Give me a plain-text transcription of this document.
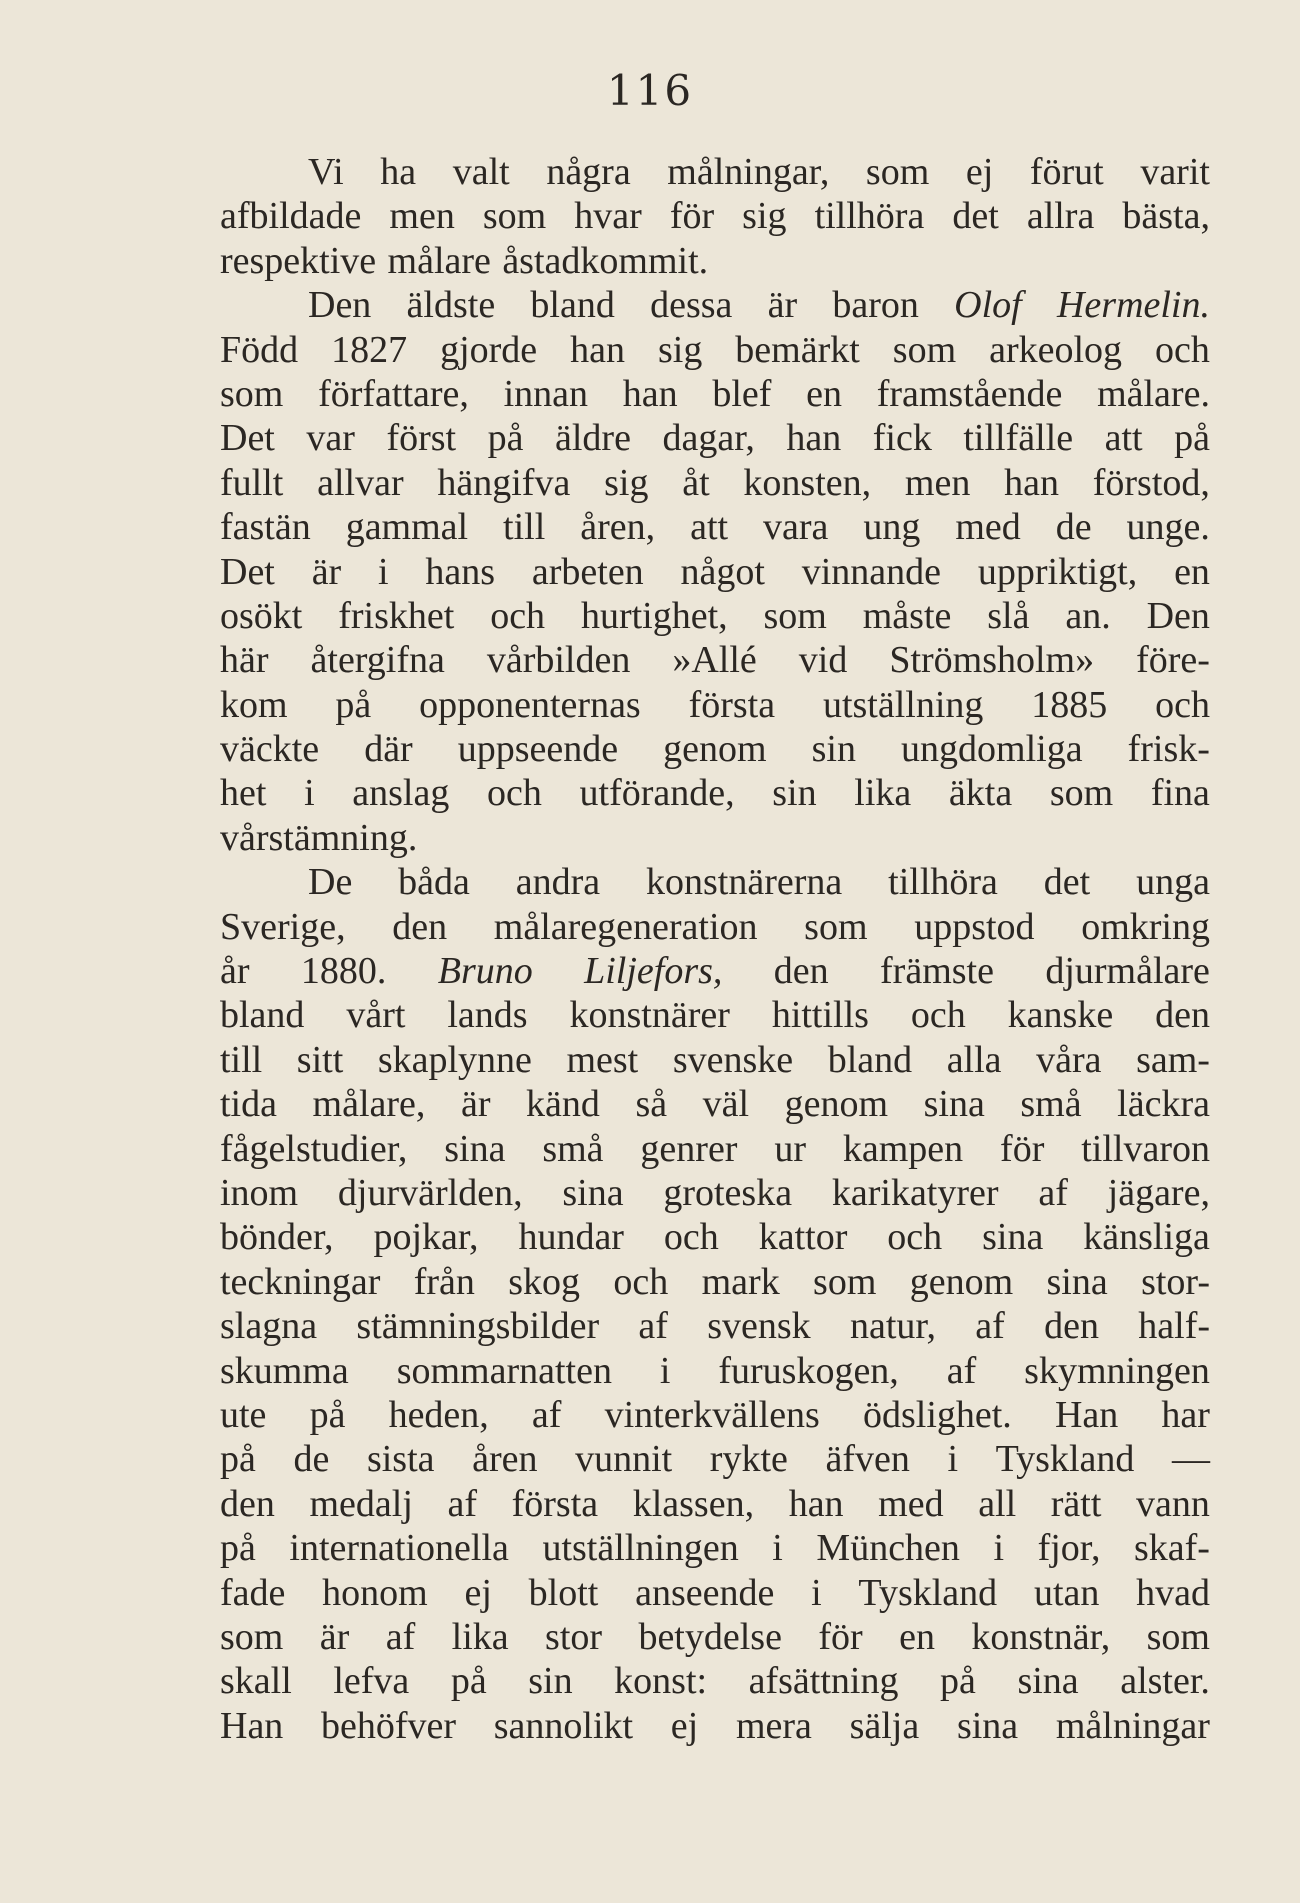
116
Vi ha valt några målningar, som ej förut varit
afbildade men som hvar för sig tillhöra det allra bästa,
respektive målare åstadkommit.
Den äldste bland dessa är baron Olof Hermelin.
Född 1827 gjorde han sig bemärkt som arkeolog och
som författare, innan han blef en framstående målare.
Det var först på äldre dagar, han fick tillfälle att på
fullt allvar hängifva sig åt konsten, men han förstod,
fastän gammal till åren, att vara ung med de unge.
Det är i hans arbeten något vinnande uppriktigt, en
osökt friskhet och hurtighet, som måste slå an. Den
här återgifna vårbilden »Allé vid Strömsholm» före-
kom på opponenternas första utställning 1885 och
väckte där uppseende genom sin ungdomliga frisk-
het i anslag och utförande, sin lika äkta som fina
vårstämning.
De båda andra konstnärerna tillhöra det unga
Sverige, den målaregeneration som uppstod omkring
år 1880. Bruno Liljefors, den främste djurmålare
bland vårt lands konstnärer hittills och kanske den
till sitt skaplynne mest svenske bland alla våra sam-
tida målare, är känd så väl genom sina små läckra
fågelstudier, sina små genrer ur kampen för tillvaron
inom djurvärlden, sina groteska karikatyrer af jägare,
bönder, pojkar, hundar och kattor och sina känsliga
teckningar från skog och mark som genom sina stor-
slagna stämningsbilder af svensk natur, af den half-
skumma sommarnatten i furuskogen, af skymningen
ute på heden, af vinterkvällens ödslighet. Han har
på de sista åren vunnit rykte äfven i Tyskland —
den medalj af första klassen, han med all rätt vann
på internationella utställningen i München i fjor, skaf-
fade honom ej blott anseende i Tyskland utan hvad
som är af lika stor betydelse för en konstnär, som
skall lefva på sin konst: afsättning på sina alster.
Han behöfver sannolikt ej mera sälja sina målningar
